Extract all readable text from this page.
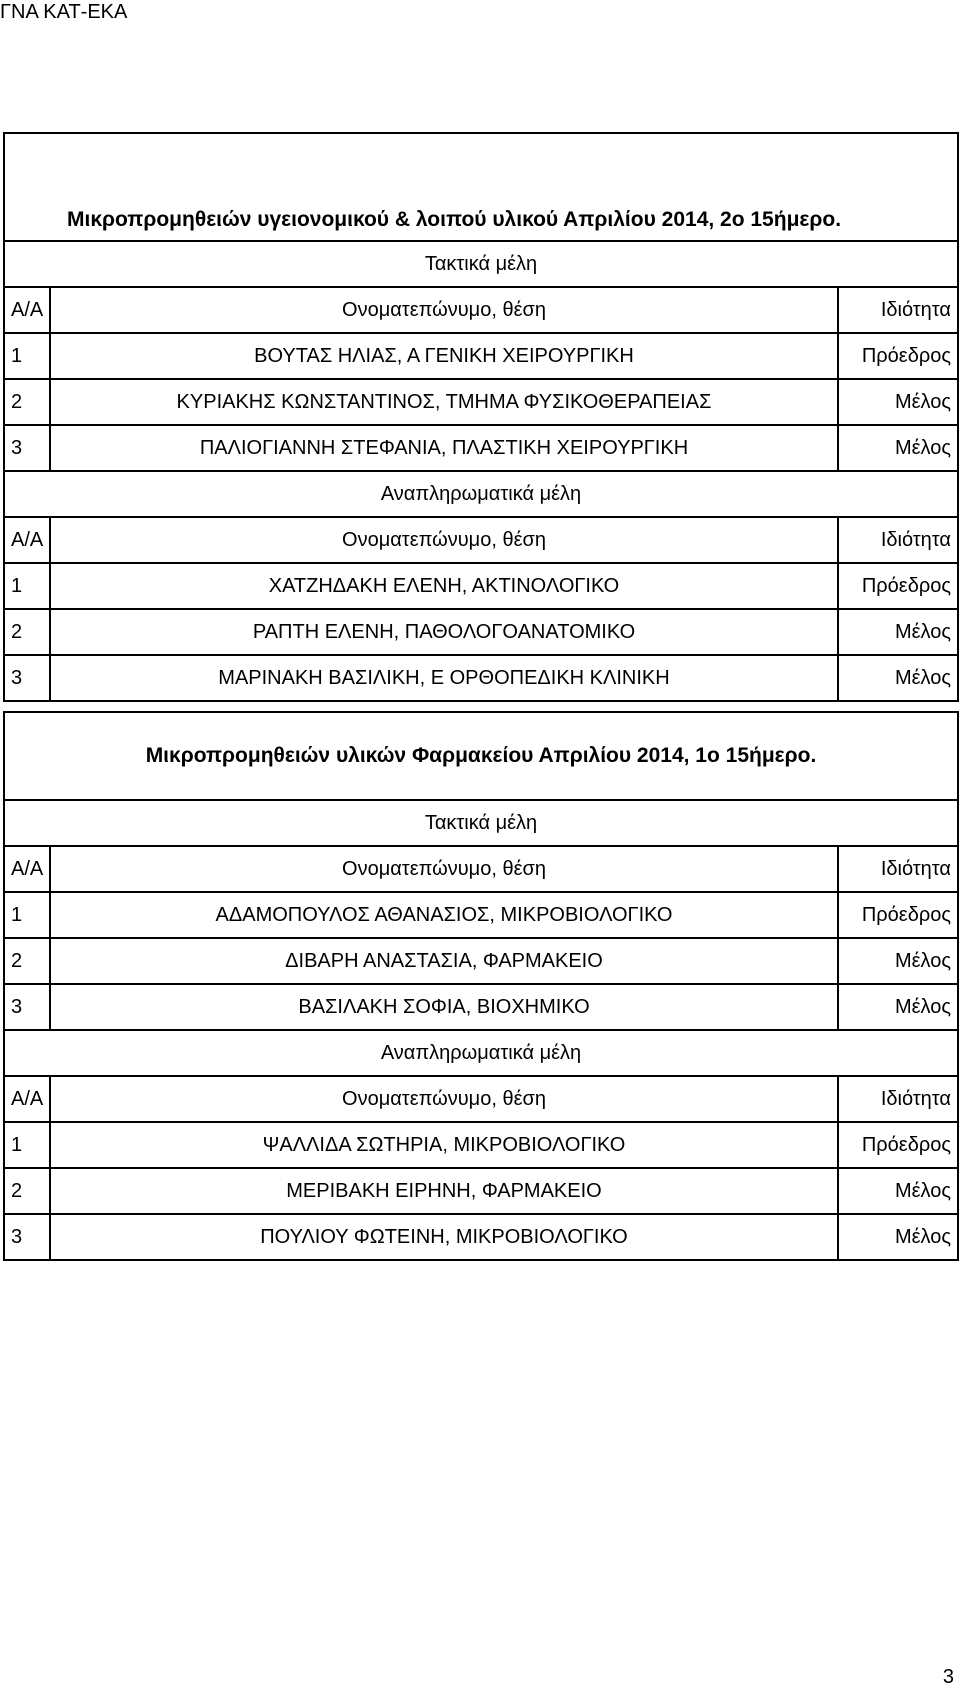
ΓΝΑ ΚΑΤ-ΕΚΑ
Μικροπρομηθειών υγειονομικού & λοιπού υλικού Απριλίου 2014, 2ο 15ήμερο.		
Τακτικά μέλη		
Α/Α	Ονοματεπώνυμο, θέση	Ιδιότητα
1	ΒΟΥΤΑΣ ΗΛΙΑΣ, Α ΓΕΝΙΚΗ ΧΕΙΡΟΥΡΓΙΚΗ	Πρόεδρος
2	ΚΥΡΙΑΚΗΣ ΚΩΝΣΤΑΝΤΙΝΟΣ, ΤΜΗΜΑ ΦΥΣΙΚΟΘΕΡΑΠΕΙΑΣ	Μέλος
3	ΠΑΛΙΟΓΙΑΝΝΗ ΣΤΕΦΑΝΙΑ, ΠΛΑΣΤΙΚΗ ΧΕΙΡΟΥΡΓΙΚΗ	Μέλος
Αναπληρωματικά μέλη		
Α/Α	Ονοματεπώνυμο, θέση	Ιδιότητα
1	ΧΑΤΖΗΔΑΚΗ ΕΛΕΝΗ, ΑΚΤΙΝΟΛΟΓΙΚΟ	Πρόεδρος
2	ΡΑΠΤΗ ΕΛΕΝΗ, ΠΑΘΟΛΟΓΟΑΝΑΤΟΜΙΚΟ	Μέλος
3	ΜΑΡΙΝΑΚΗ ΒΑΣΙΛΙΚΗ, Ε ΟΡΘΟΠΕΔΙΚΗ ΚΛΙΝΙΚΗ	Μέλος
Μικροπρομηθειών υλικών Φαρμακείου Απριλίου 2014, 1ο 15ήμερο.		
Τακτικά μέλη		
Α/Α	Ονοματεπώνυμο, θέση	Ιδιότητα
1	ΑΔΑΜΟΠΟΥΛΟΣ ΑΘΑΝΑΣΙΟΣ, ΜΙΚΡΟΒΙΟΛΟΓΙΚΟ	Πρόεδρος
2	ΔΙΒΑΡΗ ΑΝΑΣΤΑΣΙΑ, ΦΑΡΜΑΚΕΙΟ	Μέλος
3	ΒΑΣΙΛΑΚΗ ΣΟΦΙΑ, ΒΙΟΧΗΜΙΚΟ	Μέλος
Αναπληρωματικά μέλη		
Α/Α	Ονοματεπώνυμο, θέση	Ιδιότητα
1	ΨΑΛΛΙΔΑ ΣΩΤΗΡΙΑ, ΜΙΚΡΟΒΙΟΛΟΓΙΚΟ	Πρόεδρος
2	ΜΕΡΙΒΑΚΗ ΕΙΡΗΝΗ, ΦΑΡΜΑΚΕΙΟ	Μέλος
3	ΠΟΥΛΙΟΥ ΦΩΤΕΙΝΗ, ΜΙΚΡΟΒΙΟΛΟΓΙΚΟ	Μέλος
3
